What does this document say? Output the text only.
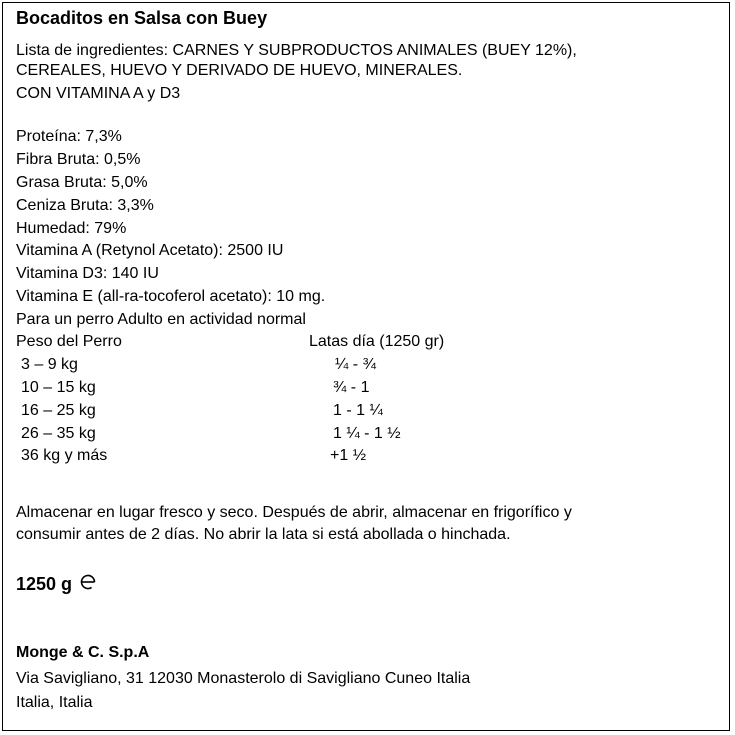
Bocaditos en Salsa con Buey
Lista de ingredientes: CARNES Y SUBPRODUCTOS ANIMALES (BUEY 12%),
CEREALES, HUEVO Y DERIVADO DE HUEVO, MINERALES.
CON VITAMINA A y D3
Proteína: 7,3%
Fibra Bruta: 0,5%
Grasa Bruta: 5,0%
Ceniza Bruta: 3,3%
Humedad: 79%
Vitamina A (Retynol Acetato): 2500 IU
Vitamina D3: 140 IU
Vitamina E (all-ra-tocoferol acetato): 10 mg.
Para un perro Adulto en actividad normal
Peso del Perro	Latas día (1250 gr)
3 – 9 kg	¼ - ¾
10 – 15 kg	¾ - 1
16 – 25 kg	1 - 1 ¼
26 – 35 kg	1 ¼ - 1 ½
36 kg y más	+1 ½
Almacenar en lugar fresco y seco. Después de abrir, almacenar en frigorífico y
consumir antes de 2 días. No abrir la lata si está abollada o hinchada.
1250 g
Monge & C. S.p.A
Via Savigliano, 31 12030 Monasterolo di Savigliano Cuneo Italia
Italia, Italia
